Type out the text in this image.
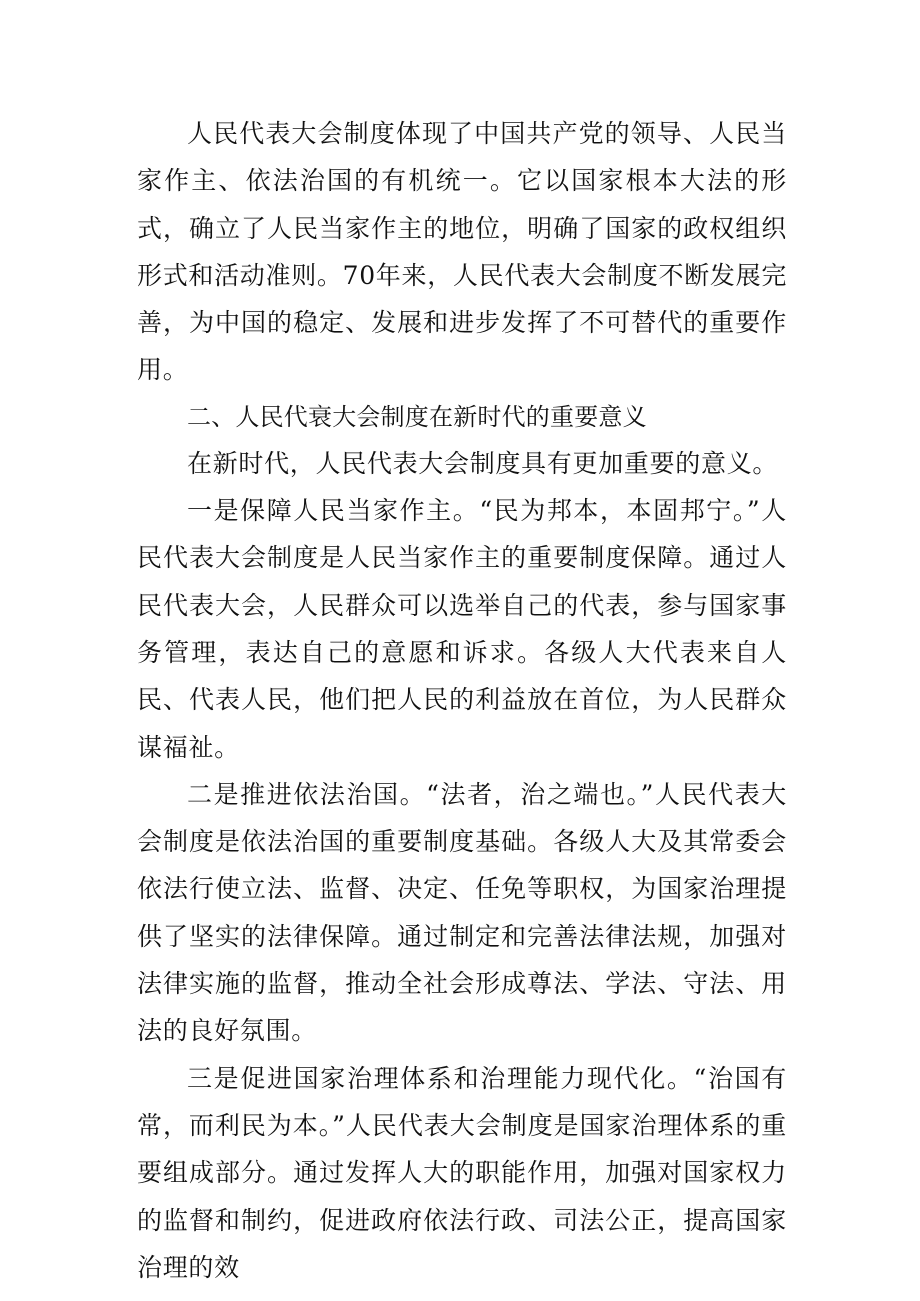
人民代表大会制度体现了中国共产党的领导、人民当家作主、依法治国的有机统一。它以国家根本大法的形式，确立了人民当家作主的地位，明确了国家的政权组织形式和活动准则。70年来，人民代表大会制度不断发展完善，为中国的稳定、发展和进步发挥了不可替代的重要作用。

二、人民代衰大会制度在新时代的重要意义

在新时代，人民代表大会制度具有更加重要的意义。

一是保障人民当家作主。“民为邦本，本固邦宁。”人民代表大会制度是人民当家作主的重要制度保障。通过人民代表大会，人民群众可以选举自己的代表，参与国家事务管理，表达自己的意愿和诉求。各级人大代表来自人民、代表人民，他们把人民的利益放在首位，为人民群众谋福祉。

二是推进依法治国。“法者，治之端也。”人民代表大会制度是依法治国的重要制度基础。各级人大及其常委会依法行使立法、监督、决定、任免等职权，为国家治理提供了坚实的法律保障。通过制定和完善法律法规，加强对法律实施的监督，推动全社会形成尊法、学法、守法、用法的良好氛围。

三是促进国家治理体系和治理能力现代化。“治国有常，而利民为本。”人民代表大会制度是国家治理体系的重要组成部分。通过发挥人大的职能作用，加强对国家权力的监督和制约，促进政府依法行政、司法公正，提高国家治理的效
